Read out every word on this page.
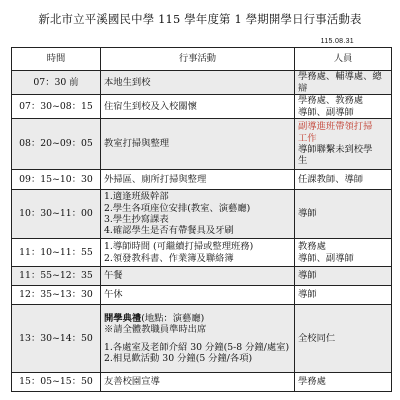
新北市立平溪國民中學 115 學年度第 1 學期開學日行事活動表
115.08.31
時間	行事活動	人員
07：30 前	本地生到校	學務處、輔導處、總
辯

07：30~08：15	住宿生到校及入校關懷	學務處、教務處
導師、副導師

08：20~09：05	教室打掃與整理	副導進班帶領打掃
工作
導師聯繫未到校學
生

09：15~10：30	外掃區、廁所打掃與整理	任課教師、導師

10：30~11：00	1.適逢班級幹部
2.學生各項座位安排(教室、演藝廳)
3.學生抄寫課表
4.確認學生是否有帶餐具及牙刷	導師

11：10~11：55	1.導師時間 (可繼續打掃或整理班務)
2.領發教科書、作業簿及聯絡簿	教務處
導師、副導師

11：55~12：35	午餐	導師

12：35~13：30	午休	導師

13：30~14：50	開學典禮(地點：演藝廳)
※請全體教職員準時出席
1.各處室及老師介紹 30 分鐘(5-8 分鐘/處室)
2.相見歡活動 30 分鐘(5 分鐘/各項)	全校同仁

15：05~15：50	友善校園宣導	學務處
